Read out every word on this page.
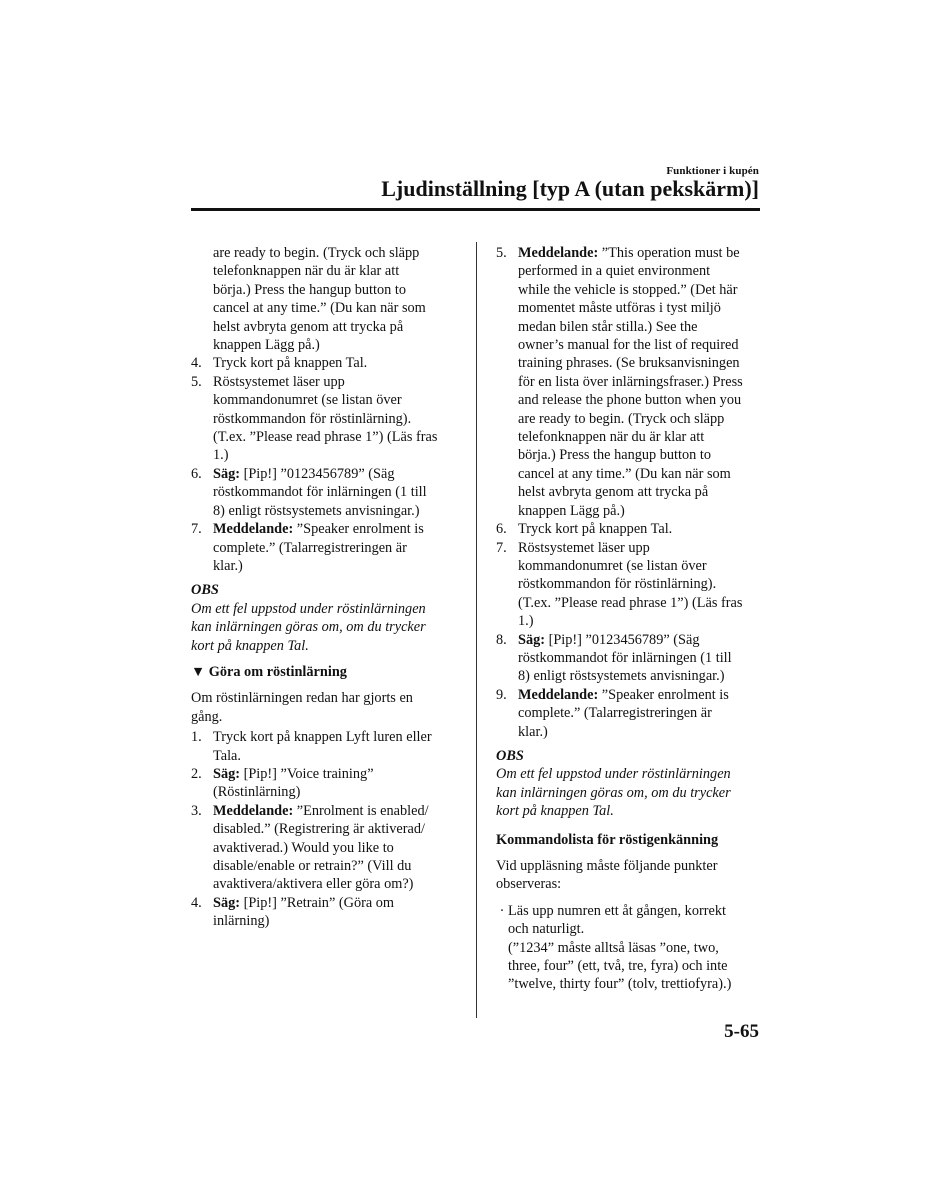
Funktioner i kupén
Ljudinställning [typ A (utan pekskärm)]
are ready to begin. (Tryck och släpp
telefonknappen när du är klar att
börja.) Press the hangup button to
cancel at any time.” (Du kan när som
helst avbryta genom att trycka på
knappen Lägg på.)
4. Tryck kort på knappen Tal.
5. Röstsystemet läser upp
kommandonumret (se listan över
röstkommandon för röstinlärning).
(T.ex. ”Please read phrase 1”) (Läs fras
1.)
6. Säg: [Pip!] ”0123456789” (Säg
röstkommandot för inlärningen (1 till
8) enligt röstsystemets anvisningar.)
7. Meddelande: ”Speaker enrolment is
complete.” (Talarregistreringen är
klar.)
OBS
Om ett fel uppstod under röstinlärningen
kan inlärningen göras om, om du trycker
kort på knappen Tal.
▼ Göra om röstinlärning
Om röstinlärningen redan har gjorts en
gång.
1. Tryck kort på knappen Lyft luren eller
Tala.
2. Säg: [Pip!] ”Voice training”
(Röstinlärning)
3. Meddelande: ”Enrolment is enabled/
disabled.” (Registrering är aktiverad/
avaktiverad.) Would you like to
disable/enable or retrain?” (Vill du
avaktivera/aktivera eller göra om?)
4. Säg: [Pip!] ”Retrain” (Göra om
inlärning)
5. Meddelande: ”This operation must be
performed in a quiet environment
while the vehicle is stopped.” (Det här
momentet måste utföras i tyst miljö
medan bilen står stilla.) See the
owner’s manual for the list of required
training phrases. (Se bruksanvisningen
för en lista över inlärningsfraser.) Press
and release the phone button when you
are ready to begin. (Tryck och släpp
telefonknappen när du är klar att
börja.) Press the hangup button to
cancel at any time.” (Du kan när som
helst avbryta genom att trycka på
knappen Lägg på.)
6. Tryck kort på knappen Tal.
7. Röstsystemet läser upp
kommandonumret (se listan över
röstkommandon för röstinlärning).
(T.ex. ”Please read phrase 1”) (Läs fras
1.)
8. Säg: [Pip!] ”0123456789” (Säg
röstkommandot för inlärningen (1 till
8) enligt röstsystemets anvisningar.)
9. Meddelande: ”Speaker enrolment is
complete.” (Talarregistreringen är
klar.)
OBS
Om ett fel uppstod under röstinlärningen
kan inlärningen göras om, om du trycker
kort på knappen Tal.
Kommandolista för röstigenkänning
Vid uppläsning måste följande punkter
observeras:
· Läs upp numren ett åt gången, korrekt
och naturligt.
(”1234” måste alltså läsas ”one, two,
three, four” (ett, två, tre, fyra) och inte
”twelve, thirty four” (tolv, trettiofyra).)
5-65
